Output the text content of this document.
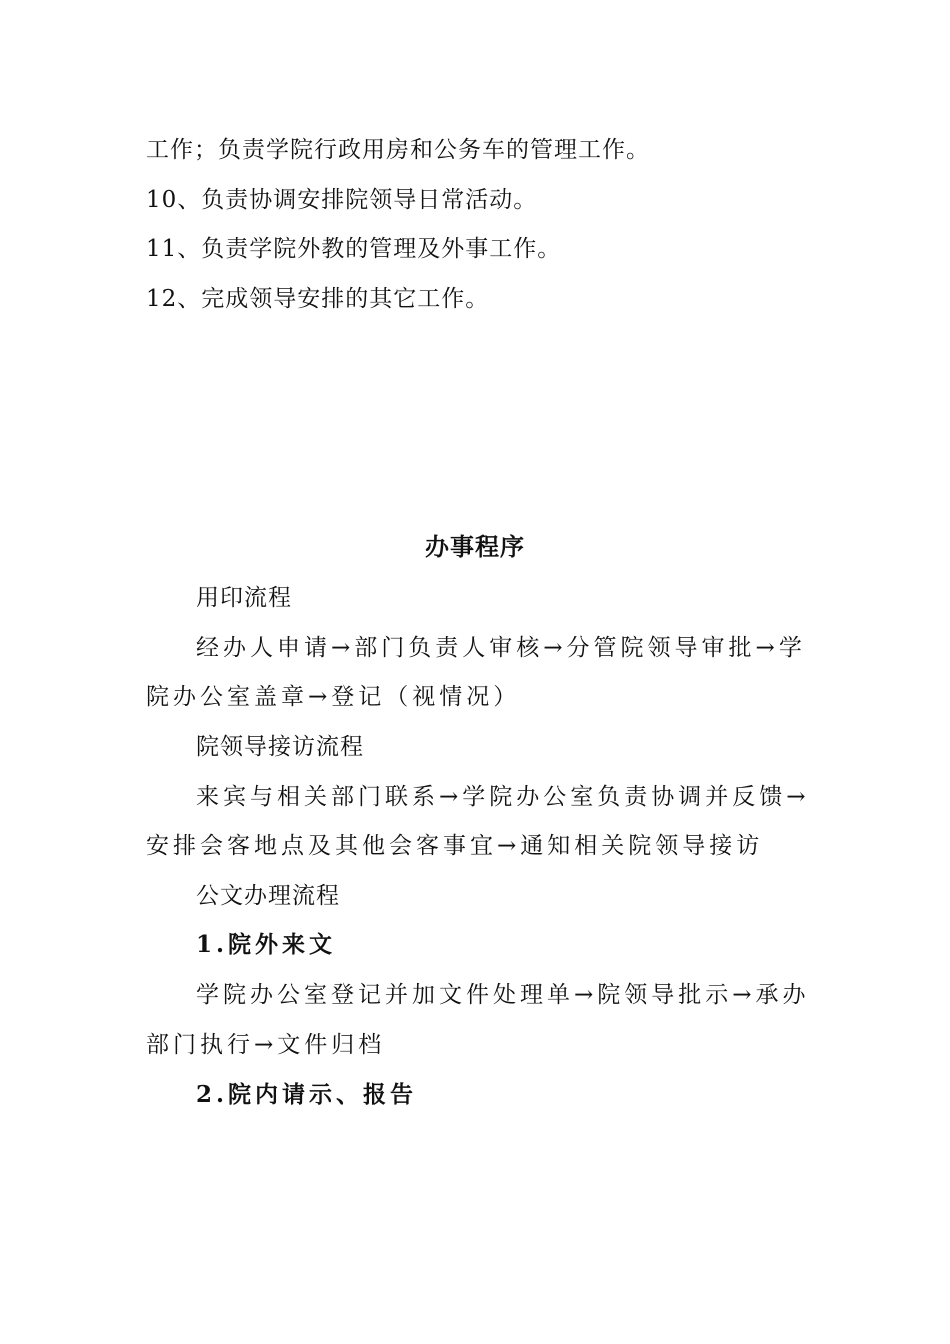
工作；负责学院行政用房和公务车的管理工作。
10、负责协调安排院领导日常活动。
11、负责学院外教的管理及外事工作。
12、完成领导安排的其它工作。
办事程序
用印流程
经办人申请→部门负责人审核→分管院领导审批→学
院办公室盖章→登记（视情况）
院领导接访流程
来宾与相关部门联系→学院办公室负责协调并反馈→
安排会客地点及其他会客事宜→通知相关院领导接访
公文办理流程
1.院外来文
学院办公室登记并加文件处理单→院领导批示→承办
部门执行→文件归档
2.院内请示、报告
